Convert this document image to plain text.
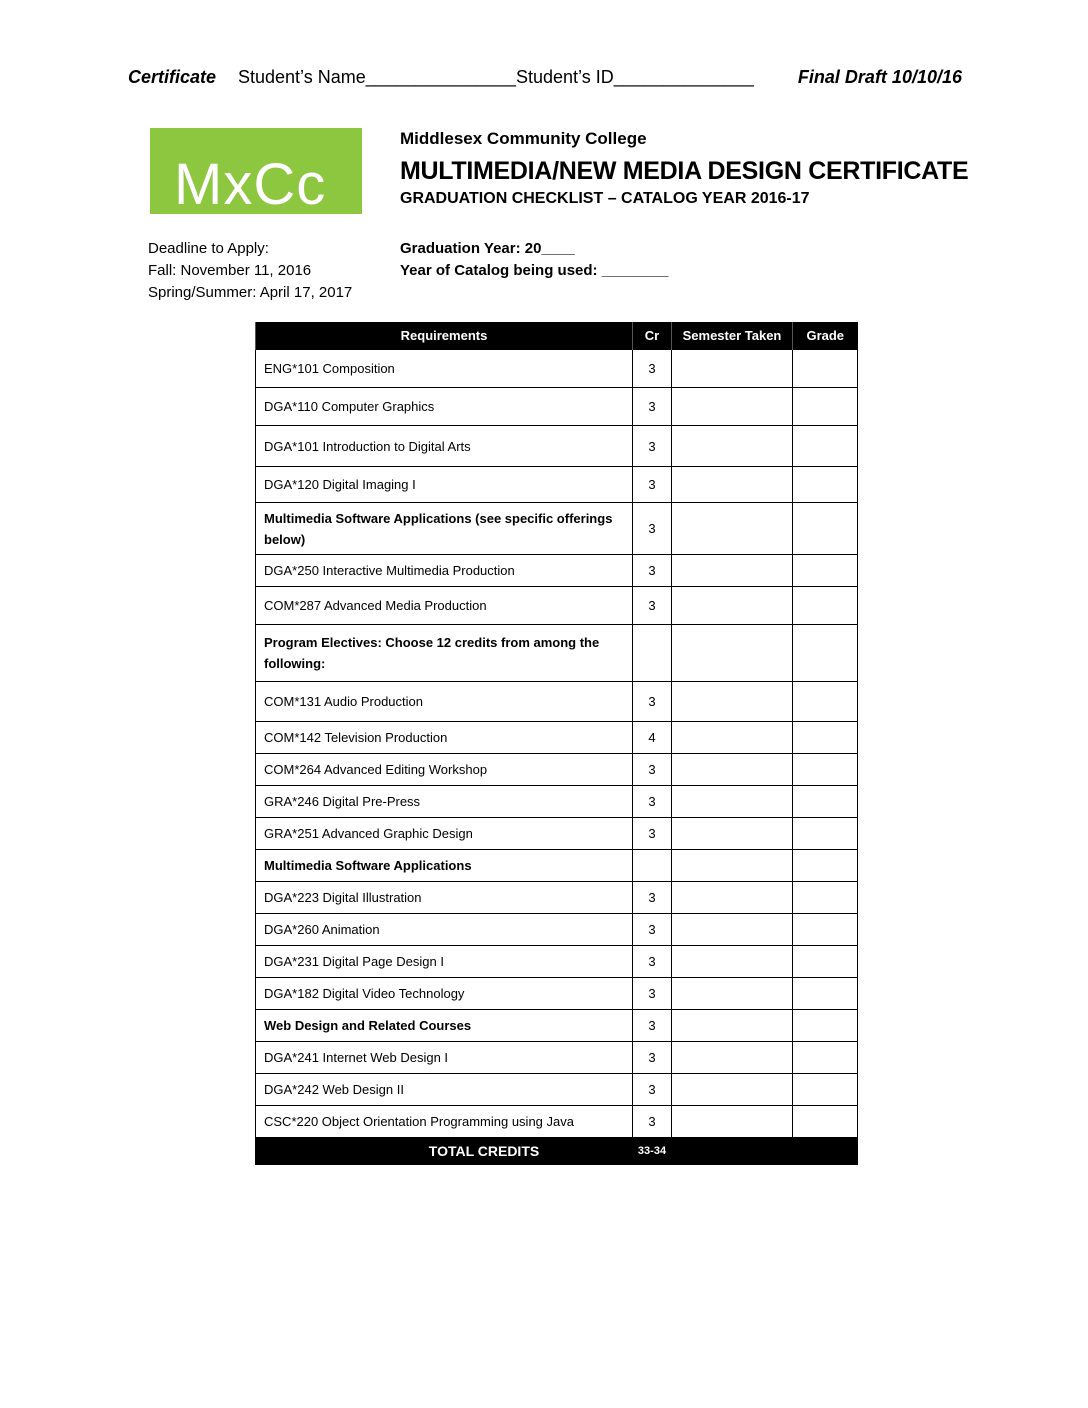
Certificate Student’s Name_______________ Student’s ID______________ Final Draft 10/10/16
MxCc
Middlesex Community College
MULTIMEDIA/NEW MEDIA DESIGN CERTIFICATE
GRADUATION CHECKLIST – CATALOG YEAR 2016-17
Deadline to Apply:
Fall: November 11, 2016
Spring/Summer: April 17, 2017
Graduation Year: 20____
Year of Catalog being used: ________
Requirements	Cr	Semester Taken	Grade
ENG*101 Composition	3		
DGA*110 Computer Graphics	3		
DGA*101 Introduction to Digital Arts	3		
DGA*120 Digital Imaging I	3		
Multimedia Software Applications (see specific offerings below)	3		
DGA*250 Interactive Multimedia Production	3		
COM*287 Advanced Media Production	3		
Program Electives: Choose 12 credits from among the following:			
COM*131 Audio Production	3		
COM*142 Television Production	4		
COM*264 Advanced Editing Workshop	3		
GRA*246 Digital Pre-Press	3		
GRA*251 Advanced Graphic Design	3		
Multimedia Software Applications			
DGA*223 Digital Illustration	3		
DGA*260 Animation	3		
DGA*231 Digital Page Design I	3		
DGA*182 Digital Video Technology	3		
Web Design and Related Courses	3		
DGA*241 Internet Web Design I	3		
DGA*242 Web Design II	3		
CSC*220 Object Orientation Programming using Java	3		
TOTAL CREDITS	33-34		
